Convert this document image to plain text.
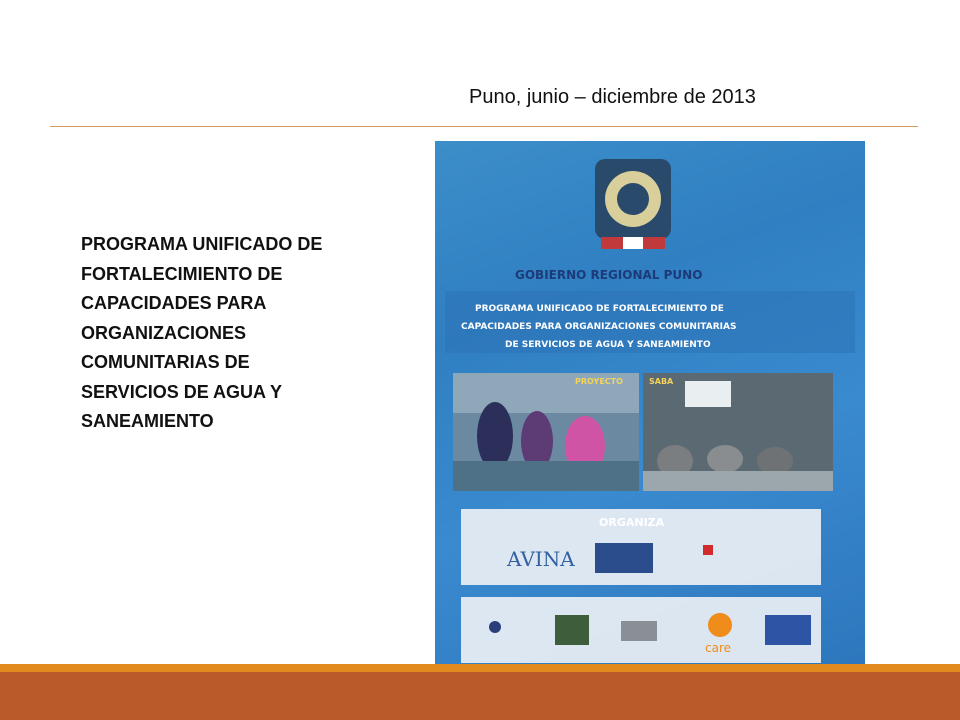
Puno, junio – diciembre de 2013
PROGRAMA UNIFICADO DE FORTALECIMIENTO DE CAPACIDADES PARA ORGANIZACIONES COMUNITARIAS DE SERVICIOS DE AGUA Y SANEAMIENTO
GOBIERNO REGIONAL PUNO
PROGRAMA UNIFICADO DE FORTALECIMIENTO DE
CAPACIDADES PARA ORGANIZACIONES COMUNITARIAS
DE SERVICIOS DE AGUA Y SANEAMIENTO
PROYECTO	SABA
ORGANIZA
AVINA
care
